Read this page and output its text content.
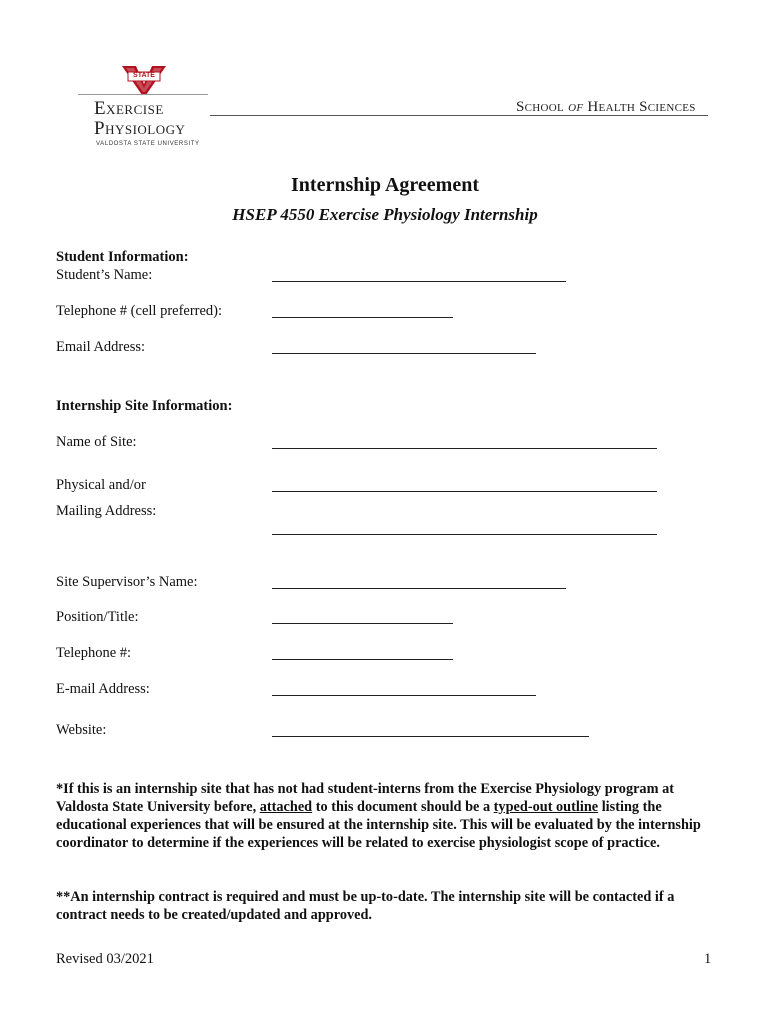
STATE
Exercise
Physiology
VALDOSTA STATE UNIVERSITY
School of Health Sciences
Internship Agreement
HSEP 4550 Exercise Physiology Internship
Student Information:
Student’s Name:
Telephone # (cell preferred):
Email Address:
Internship Site Information:
Name of Site:
Physical and/or
Mailing Address:
Site Supervisor’s Name:
Position/Title:
Telephone #:
E-mail Address:
Website:
*If this is an internship site that has not had student-interns from the Exercise Physiology program at Valdosta State University before, attached to this document should be a typed-out outline listing the educational experiences that will be ensured at the internship site. This will be evaluated by the internship coordinator to determine if the experiences will be related to exercise physiologist scope of practice.
**An internship contract is required and must be up-to-date. The internship site will be contacted if a contract needs to be created/updated and approved.
Revised 03/2021	1
